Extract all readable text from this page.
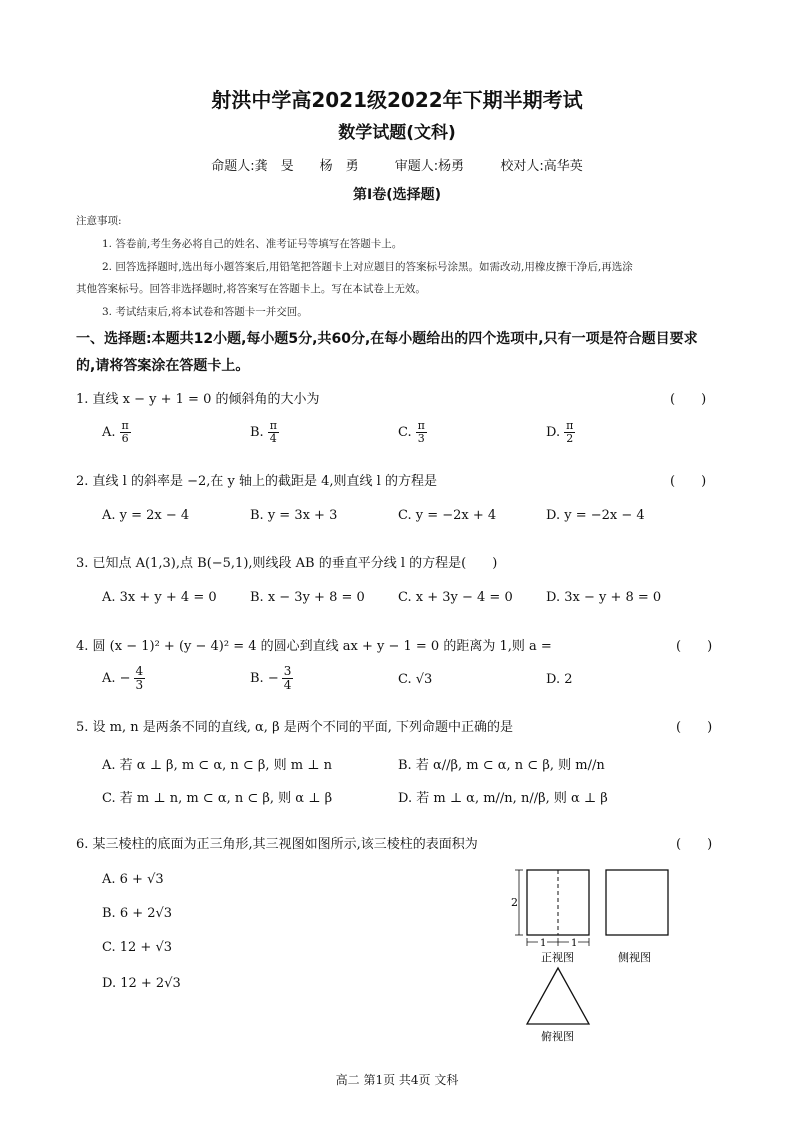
射洪中学高2021级2022年下期半期考试
数学试题(文科)
命题人:龚　旻　　杨　勇	审题人:杨勇	校对人:高华英
第Ⅰ卷(选择题)
注意事项:
1. 答卷前,考生务必将自己的姓名、准考证号等填写在答题卡上。
2. 回答选择题时,选出每小题答案后,用铅笔把答题卡上对应题目的答案标号涂黑。如需改动,用橡皮擦干净后,再选涂
其他答案标号。回答非选择题时,将答案写在答题卡上。写在本试卷上无效。
3. 考试结束后,将本试卷和答题卡一并交回。
一、选择题:本题共12小题,每小题5分,共60分,在每小题给出的四个选项中,只有一项是符合题目要求
的,请将答案涂在答题卡上。
1. 直线 x − y + 1 = 0 的倾斜角的大小为	(　　)
A. $\frac{\pi}{6}$	B. $\frac{\pi}{4}$	C. $\frac{\pi}{3}$	D. $\frac{\pi}{2}$
2. 直线 l 的斜率是 −2,在 y 轴上的截距是 4,则直线 l 的方程是	(　　)
A. y = 2x − 4	B. y = 3x + 3	C. y = −2x + 4	D. y = −2x − 4
3. 已知点 A(1,3),点 B(−5,1),则线段 AB 的垂直平分线 l 的方程是(　　)
A. 3x + y + 4 = 0	B. x − 3y + 8 = 0	C. x + 3y − 4 = 0	D. 3x − y + 8 = 0
4. 圆 (x − 1)² + (y − 4)² = 4 的圆心到直线 ax + y − 1 = 0 的距离为 1,则 a =	(　　)
A. − $\frac{4}{3}$	B. − $\frac{3}{4}$	C. √3	D. 2
5. 设 m, n 是两条不同的直线, α, β 是两个不同的平面, 下列命题中正确的是	(　　)
A. 若 α ⊥ β, m ⊂ α, n ⊂ β, 则 m ⊥ n	B. 若 α//β, m ⊂ α, n ⊂ β, 则 m//n
C. 若 m ⊥ n, m ⊂ α, n ⊂ β, 则 α ⊥ β	D. 若 m ⊥ α, m//n, n//β, 则 α ⊥ β
6. 某三棱柱的底面为正三角形,其三视图如图所示,该三棱柱的表面积为	(　　)
A. 6 + √3
B. 6 + 2√3
C. 12 + √3
D. 12 + 2√3
2
1 1
正视图	侧视图
俯视图
高二 第1页 共4页 文科
